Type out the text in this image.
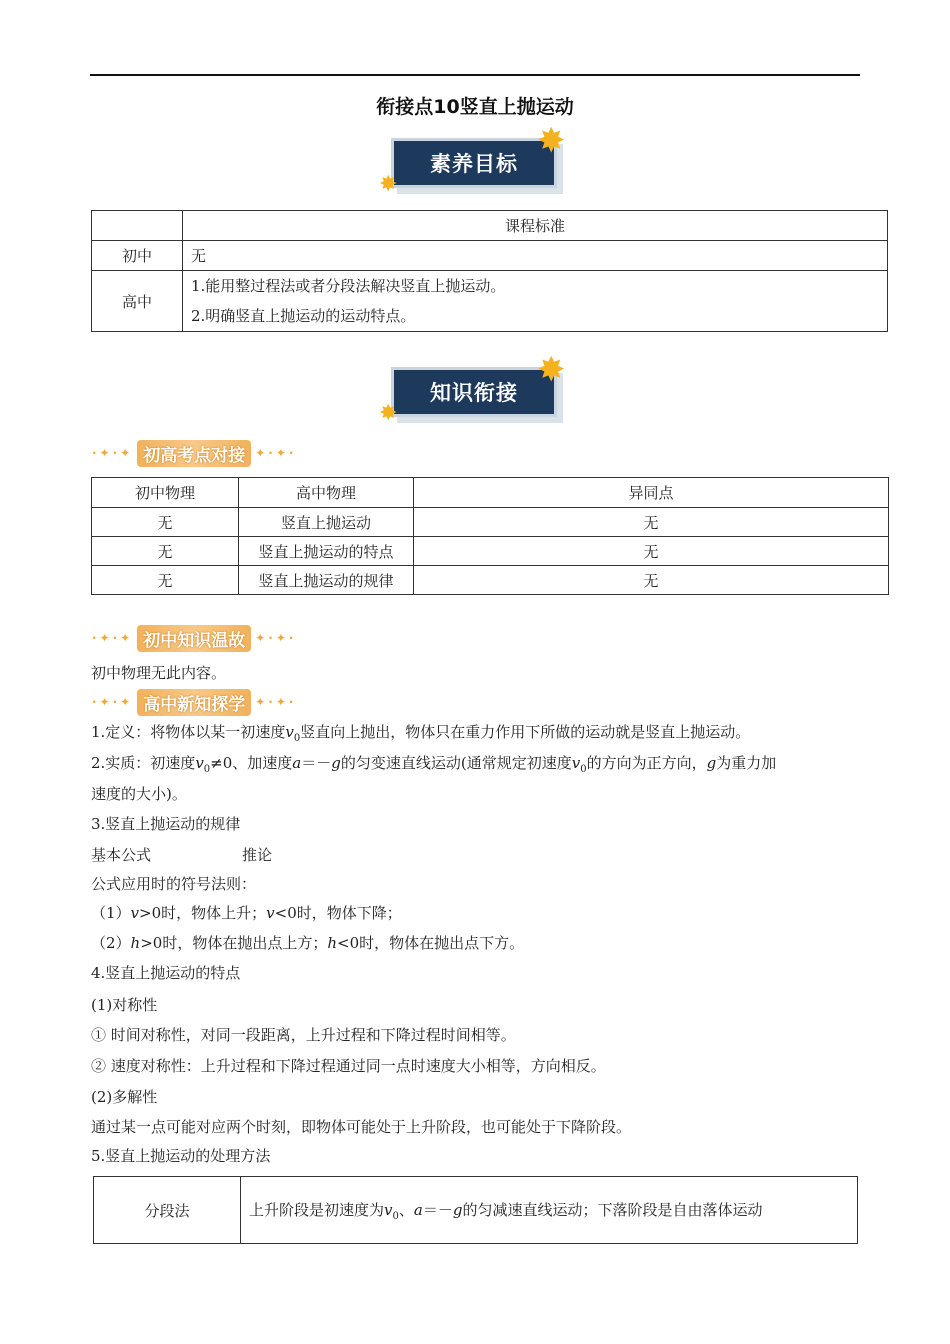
衔接点10竖直上抛运动
素养目标
✸
✸
	课程标准
初中	无
高中	1.能用整过程法或者分段法解决竖直上抛运动。
2.明确竖直上抛运动的运动特点。
知识衔接
✸
✸
·✦·✦ 初高考点对接 ✦·✦·
初中物理	高中物理	异同点
无	竖直上抛运动	无
无	竖直上抛运动的特点	无
无	竖直上抛运动的规律	无
·✦·✦ 初中知识温故 ✦·✦·
初中物理无此内容。
·✦·✦ 高中新知探学 ✦·✦·
1.定义：将物体以某一初速度$v_0$竖直向上抛出，物体只在重力作用下所做的运动就是竖直上抛运动。
2.实质：初速度$v_0\ne 0$、加速度a＝－g的匀变速直线运动(通常规定初速度$v_0$的方向为正方向，g为重力加
速度的大小)。
3.竖直上抛运动的规律
基本公式	推论
公式应用时的符号法则：
（1）v>0时，物体上升；v<0时，物体下降；
（2）h>0时，物体在抛出点上方；h<0时，物体在抛出点下方。
4.竖直上抛运动的特点
(1)对称性
① 时间对称性，对同一段距离，上升过程和下降过程时间相等。
② 速度对称性：上升过程和下降过程通过同一点时速度大小相等，方向相反。
(2)多解性
通过某一点可能对应两个时刻，即物体可能处于上升阶段，也可能处于下降阶段。
5.竖直上抛运动的处理方法
分段法	上升阶段是初速度为$v_0$、a＝－g的匀减速直线运动；下落阶段是自由落体运动
